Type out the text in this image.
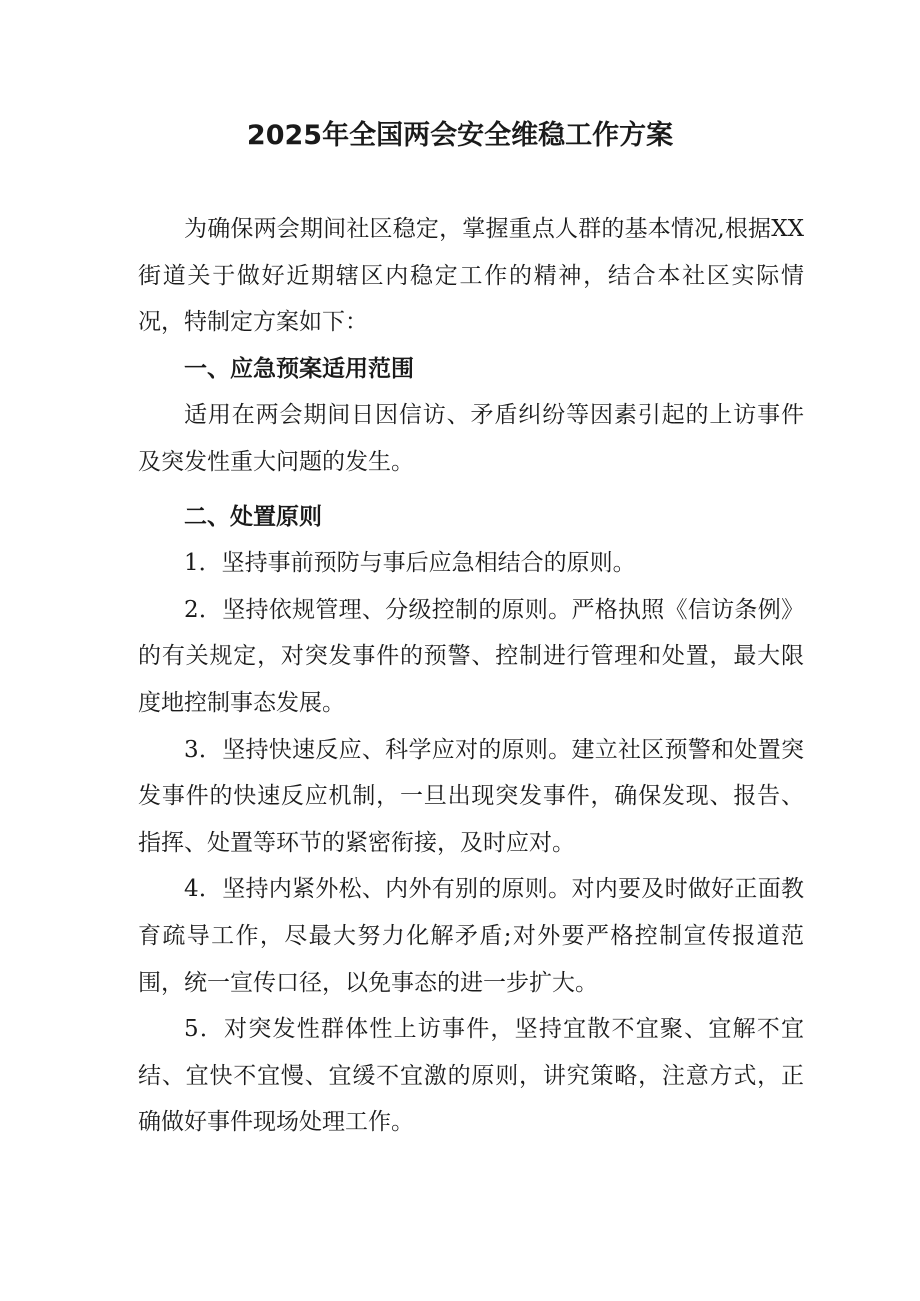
2025年全国两会安全维稳工作方案

为确保两会期间社区稳定，掌握重点人群的基本情况,根据XX街道关于做好近期辖区内稳定工作的精神，结合本社区实际情况，特制定方案如下：

一、应急预案适用范围

适用在两会期间日因信访、矛盾纠纷等因素引起的上访事件及突发性重大问题的发生。

二、处置原则

1．坚持事前预防与事后应急相结合的原则。

2．坚持依规管理、分级控制的原则。严格执照《信访条例》的有关规定，对突发事件的预警、控制进行管理和处置，最大限度地控制事态发展。

3．坚持快速反应、科学应对的原则。建立社区预警和处置突发事件的快速反应机制，一旦出现突发事件，确保发现、报告、指挥、处置等环节的紧密衔接，及时应对。

4．坚持内紧外松、内外有别的原则。对内要及时做好正面教育疏导工作，尽最大努力化解矛盾;对外要严格控制宣传报道范围，统一宣传口径，以免事态的进一步扩大。

5．对突发性群体性上访事件，坚持宜散不宜聚、宜解不宜结、宜快不宜慢、宜缓不宜激的原则，讲究策略，注意方式，正确做好事件现场处理工作。
